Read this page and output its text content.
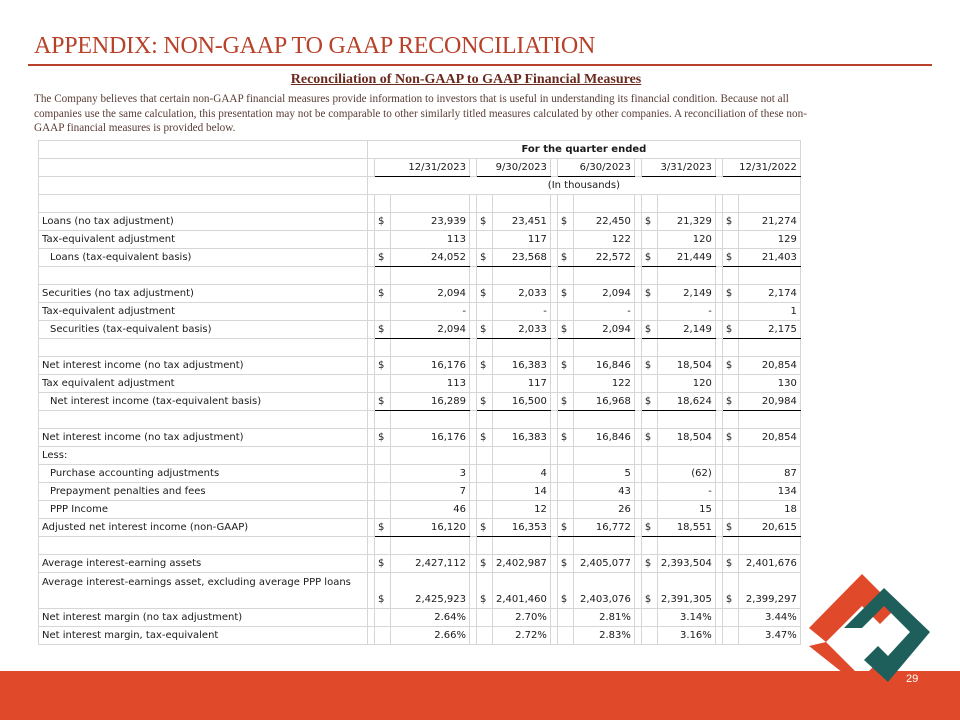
APPENDIX: NON-GAAP TO GAAP RECONCILIATION
Reconciliation of Non-GAAP to GAAP Financial Measures
The Company believes that certain non-GAAP financial measures provide information to investors that is useful in understanding its financial condition. Because not all companies use the same calculation, this presentation may not be comparable to other similarly titled measures calculated by other companies. A reconciliation of these non-GAAP financial measures is provided below.
	For the quarter ended														
		12/31/2023			9/30/2023			6/30/2023			3/31/2023			12/31/2022	
	(In thousands)														

Loans (no tax adjustment)		$	23,939		$	23,451		$	22,450		$	21,329		$	21,274
Tax-equivalent adjustment			113			117			122			120			129
Loans (tax-equivalent basis)		$	24,052		$	23,568		$	22,572		$	21,449		$	21,403

Securities (no tax adjustment)		$	2,094		$	2,033		$	2,094		$	2,149		$	2,174
Tax-equivalent adjustment			-			-			-			-			1
Securities (tax-equivalent basis)		$	2,094		$	2,033		$	2,094		$	2,149		$	2,175

Net interest income (no tax adjustment)		$	16,176		$	16,383		$	16,846		$	18,504		$	20,854
Tax equivalent adjustment			113			117			122			120			130
Net interest income (tax-equivalent basis)		$	16,289		$	16,500		$	16,968		$	18,624		$	20,984

Net interest income (no tax adjustment)		$	16,176		$	16,383		$	16,846		$	18,504		$	20,854
Less:															
Purchase accounting adjustments			3			4			5			(62)			87
Prepayment penalties and fees			7			14			43			-			134
PPP Income			46			12			26			15			18
Adjusted net interest income (non-GAAP)		$	16,120		$	16,353		$	16,772		$	18,551		$	20,615

Average interest-earning assets		$	2,427,112		$	2,402,987		$	2,405,077		$	2,393,504		$	2,401,676
Average interest-earnings asset, excluding average PPP loans		$	2,425,923		$	2,401,460		$	2,403,076		$	2,391,305		$	2,399,297
Net interest margin (no tax adjustment)			2.64%			2.70%			2.81%			3.14%			3.44%
Net interest margin, tax-equivalent			2.66%			2.72%			2.83%			3.16%			3.47%
29
